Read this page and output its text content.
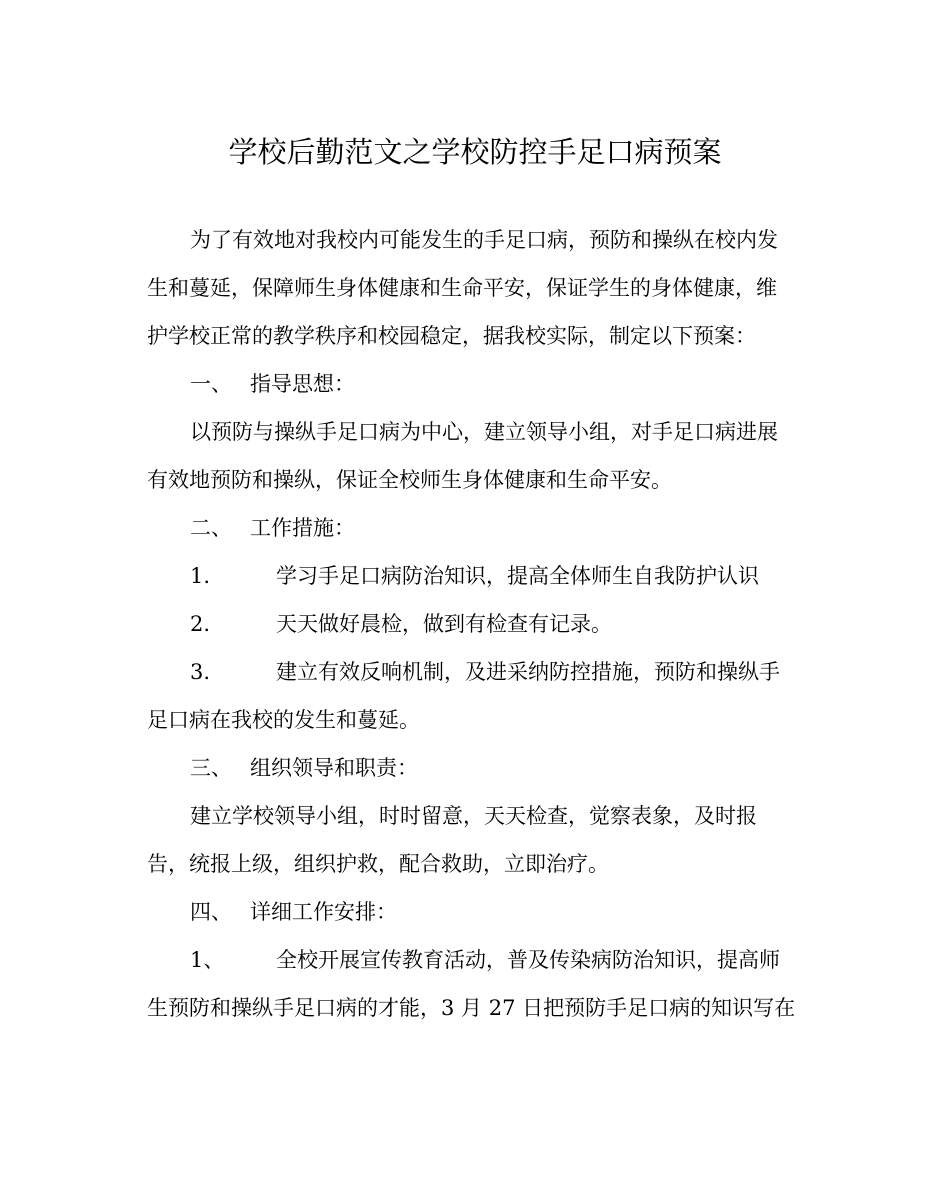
学校后勤范文之学校防控手足口病预案
为了有效地对我校内可能发生的手足口病，预防和操纵在校内发
生和蔓延，保障师生身体健康和生命平安，保证学生的身体健康，维
护学校正常的教学秩序和校园稳定，据我校实际，制定以下预案：
一、 指导思想：
以预防与操纵手足口病为中心，建立领导小组，对手足口病进展
有效地预防和操纵，保证全校师生身体健康和生命平安。
二、 工作措施：
1.	学习手足口病防治知识，提高全体师生自我防护认识
2.	天天做好晨检，做到有检查有记录。
3.	建立有效反响机制，及进采纳防控措施，预防和操纵手
足口病在我校的发生和蔓延。
三、 组织领导和职责：
建立学校领导小组，时时留意，天天检查，觉察表象，及时报
告，统报上级，组织护救，配合救助，立即治疗。
四、 详细工作安排：
1、 全校开展宣传教育活动，普及传染病防治知识，提高师
生预防和操纵手足口病的才能，3 月 27 日把预防手足口病的知识写在
